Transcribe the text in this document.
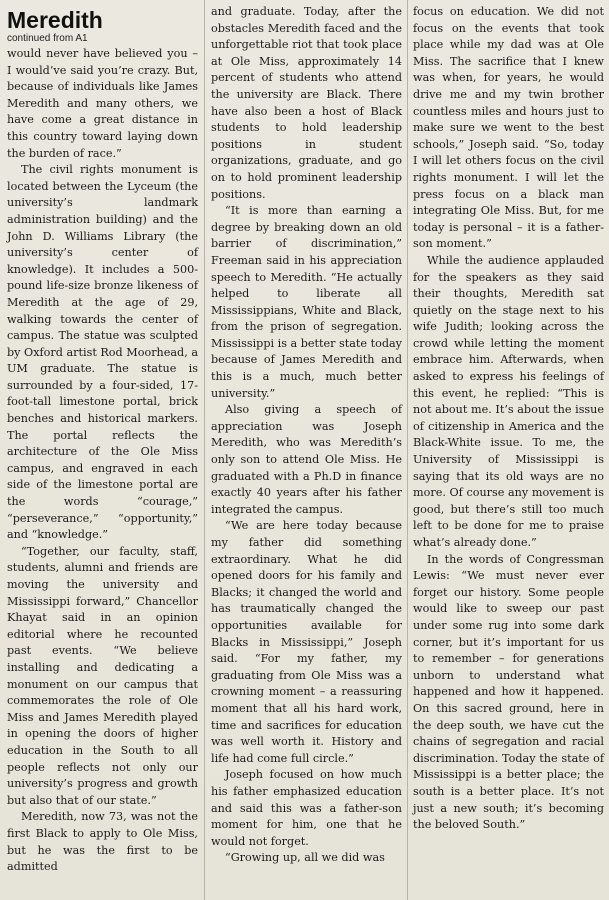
Meredith

continued from A1

would never have believed you – I would’ve said you’re crazy. But, because of individuals like James Meredith and many others, we have come a great distance in this country toward laying down the burden of race.”

The civil rights monument is located between the Lyceum (the university’s landmark administration building) and the John D. Williams Library (the university’s center of knowledge). It includes a 500-pound life-size bronze likeness of Meredith at the age of 29, walking towards the center of campus. The statue was sculpted by Oxford artist Rod Moorhead, a UM graduate. The statue is surrounded by a four-sided, 17-foot-tall limestone portal, brick benches and historical markers. The portal reflects the architecture of the Ole Miss campus, and engraved in each side of the limestone portal are the words “courage,” “perseverance,” “opportunity,” and “knowledge.”

“Together, our faculty, staff, students, alumni and friends are moving the university and Mississippi forward,” Chancellor Khayat said in an opinion editorial where he recounted past events. “We believe installing and dedicating a monument on our campus that commemorates the role of Ole Miss and James Meredith played in opening the doors of higher education in the South to all people reflects not only our university’s progress and growth but also that of our state.”

Meredith, now 73, was not the first Black to apply to Ole Miss, but he was the first to be admitted

and graduate. Today, after the obstacles Meredith faced and the unforgettable riot that took place at Ole Miss, approximately 14 percent of students who attend the university are Black. There have also been a host of Black students to hold leadership positions in student organizations, graduate, and go on to hold prominent leadership positions.

“It is more than earning a degree by breaking down an old barrier of discrimination,” Freeman said in his appreciation speech to Meredith. “He actually helped to liberate all Mississippians, White and Black, from the prison of segregation. Mississippi is a better state today because of James Meredith and this is a much, much better university.”

Also giving a speech of appreciation was Joseph Meredith, who was Meredith’s only son to attend Ole Miss. He graduated with a Ph.D in finance exactly 40 years after his father integrated the campus.

“We are here today because my father did something extraordinary. What he did opened doors for his family and Blacks; it changed the world and has traumatically changed the opportunities available for Blacks in Mississippi,” Joseph said. “For my father, my graduating from Ole Miss was a crowning moment – a reassuring moment that all his hard work, time and sacrifices for education was well worth it. History and life had come full circle.”

Joseph focused on how much his father emphasized education and said this was a father-son moment for him, one that he would not forget.

“Growing up, all we did was

focus on education. We did not focus on the events that took place while my dad was at Ole Miss. The sacrifice that I knew was when, for years, he would drive me and my twin brother countless miles and hours just to make sure we went to the best schools,” Joseph said. “So, today I will let others focus on the civil rights monument. I will let the press focus on a black man integrating Ole Miss. But, for me today is personal – it is a father-son moment.”

While the audience applauded for the speakers as they said their thoughts, Meredith sat quietly on the stage next to his wife Judith; looking across the crowd while letting the moment embrace him. Afterwards, when asked to express his feelings of this event, he replied: “This is not about me. It’s about the issue of citizenship in America and the Black-White issue. To me, the University of Mississippi is saying that its old ways are no more. Of course any movement is good, but there’s still too much left to be done for me to praise what’s already done.”

In the words of Congressman Lewis: “We must never ever forget our history. Some people would like to sweep our past under some rug into some dark corner, but it’s important for us to remember – for generations unborn to understand what happened and how it happened. On this sacred ground, here in the deep south, we have cut the chains of segregation and racial discrimination. Today the state of Mississippi is a better place; the south is a better place. It’s not just a new south; it’s becoming the beloved South.”
